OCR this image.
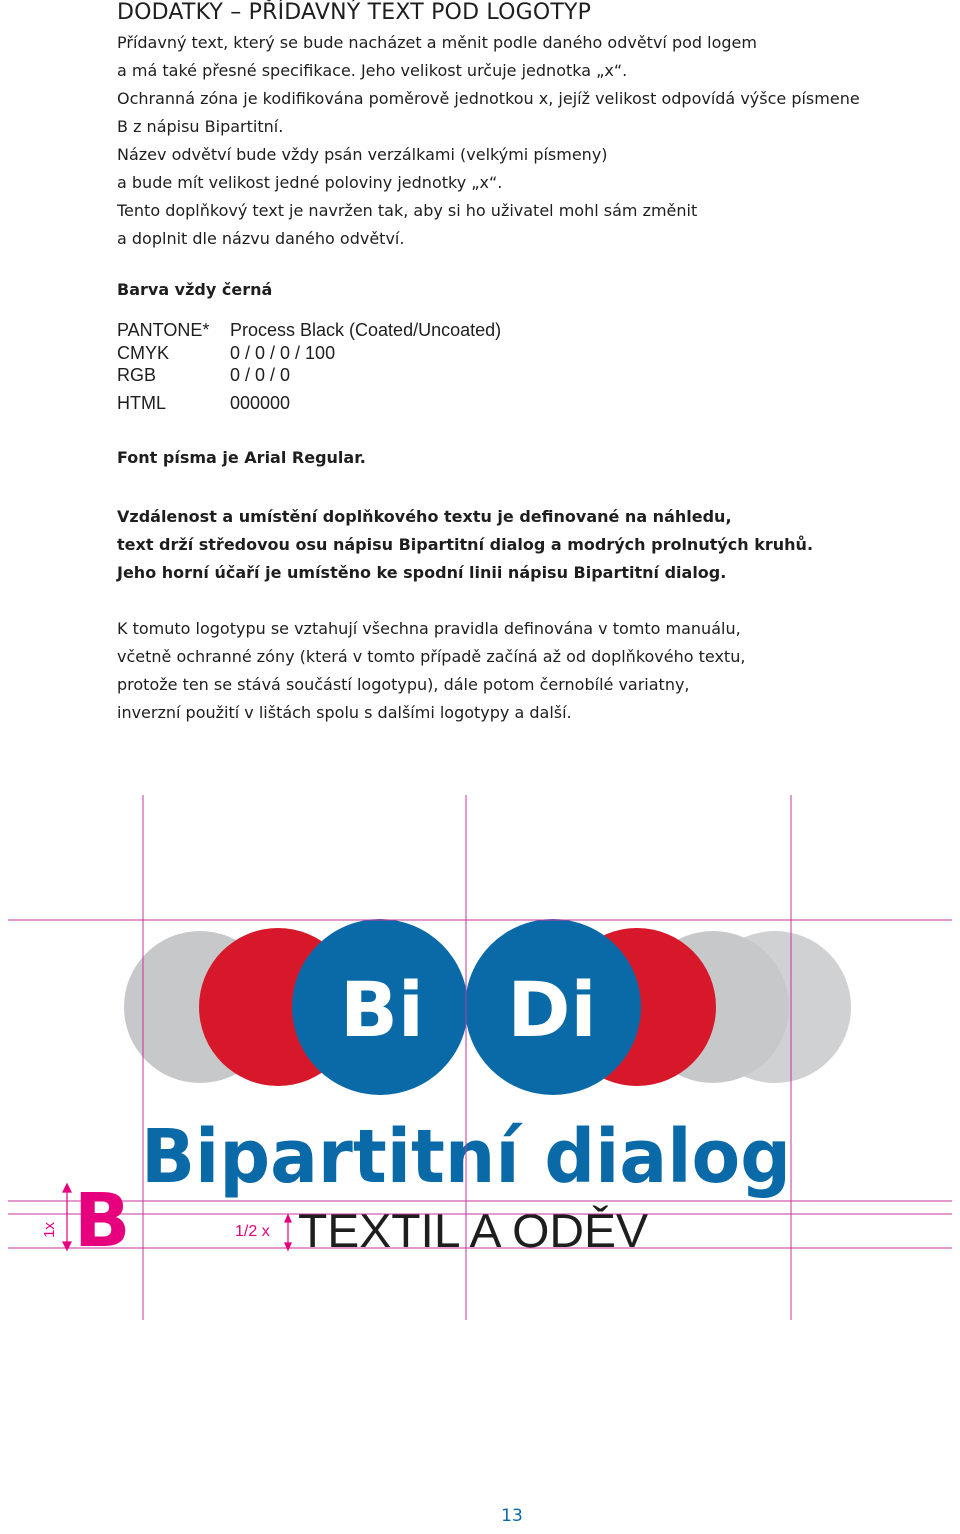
DODATKY – PŘÍDAVNÝ TEXT POD LOGOTYP
Přídavný text, který se bude nacházet a měnit podle daného odvětví pod logem
a má také přesné specifikace. Jeho velikost určuje jednotka „x“.
Ochranná zóna je kodifikována poměrově jednotkou x, jejíž velikost odpovídá výšce písmene
B z nápisu Bipartitní.
Název odvětví bude vždy psán verzálkami (velkými písmeny)
a bude mít velikost jedné poloviny jednotky „x“.
Tento doplňkový text je navržen tak, aby si ho uživatel mohl sám změnit
a doplnit dle názvu daného odvětví.
Barva vždy černá
PANTONE* Process Black (Coated/Uncoated)
CMYK	0 / 0 / 0 / 100
RGB	0 / 0 / 0
HTML	000000
Font písma je Arial Regular.
Vzdálenost a umístění doplňkového textu je definované na náhledu,
text drží středovou osu nápisu Bipartitní dialog a modrých prolnutých kruhů.
Jeho horní účaří je umístěno ke spodní linii nápisu Bipartitní dialog.
K tomuto logotypu se vztahují všechna pravidla definována v tomto manuálu,
včetně ochranné zóny (která v tomto případě začíná až od doplňkového textu,
protože ten se stává součástí logotypu), dále potom černobílé variatny,
inverzní použití v lištách spolu s dalšími logotypy a další.
Bi Di
Bipartitní dialog
TEXTIL A ODĚV
1x B	1/2 x
13
